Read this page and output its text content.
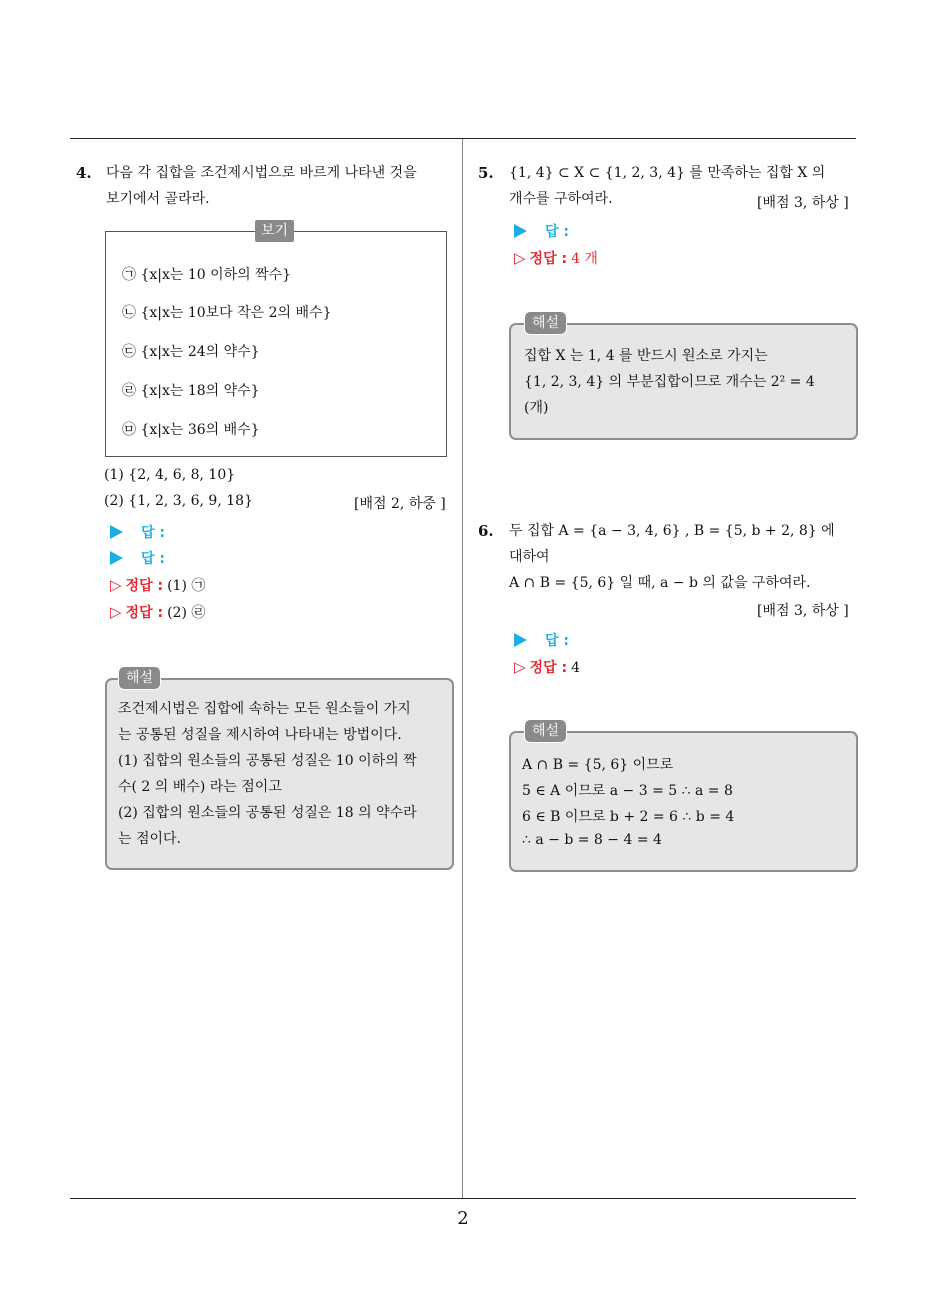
2
4. 다음 각 집합을 조건제시법으로 바르게 나타낸 것을
보기에서 골라라.
보기
㉠ {x|x는 10 이하의 짝수}
㉡ {x|x는 10보다 작은 2의 배수}
㉢ {x|x는 24의 약수}
㉣ {x|x는 18의 약수}
㉤ {x|x는 36의 배수}
(1) {2, 4, 6, 8, 10}
(2) {1, 2, 3, 6, 9, 18}	[배점 2, 하중 ]
답 :
답 :
▷ 정답 : (1) ㉠
▷ 정답 : (2) ㉣
해설
조건제시법은 집합에 속하는 모든 원소들이 가지
는 공통된 성질을 제시하여 나타내는 방법이다.
(1) 집합의 원소들의 공통된 성질은 10 이하의 짝
수( 2 의 배수) 라는 점이고
(2) 집합의 원소들의 공통된 성질은 18 의 약수라
는 점이다.
5. {1, 4} ⊂ X ⊂ {1, 2, 3, 4} 를 만족하는 집합 X 의
개수를 구하여라.	[배점 3, 하상 ]
답 :
▷ 정답 : 4 개
해설
집합 X 는 1, 4 를 반드시 원소로 가지는
{1, 2, 3, 4} 의 부분집합이므로 개수는 2² = 4
(개)
6. 두 집합 A = {a − 3, 4, 6} , B = {5, b + 2, 8} 에
대하여
A ∩ B = {5, 6} 일 때, a − b 의 값을 구하여라.
[배점 3, 하상 ]
답 :
▷ 정답 : 4
해설
A ∩ B = {5, 6} 이므로
5 ∈ A 이므로 a − 3 = 5 ∴ a = 8
6 ∈ B 이므로 b + 2 = 6 ∴ b = 4
∴ a − b = 8 − 4 = 4
